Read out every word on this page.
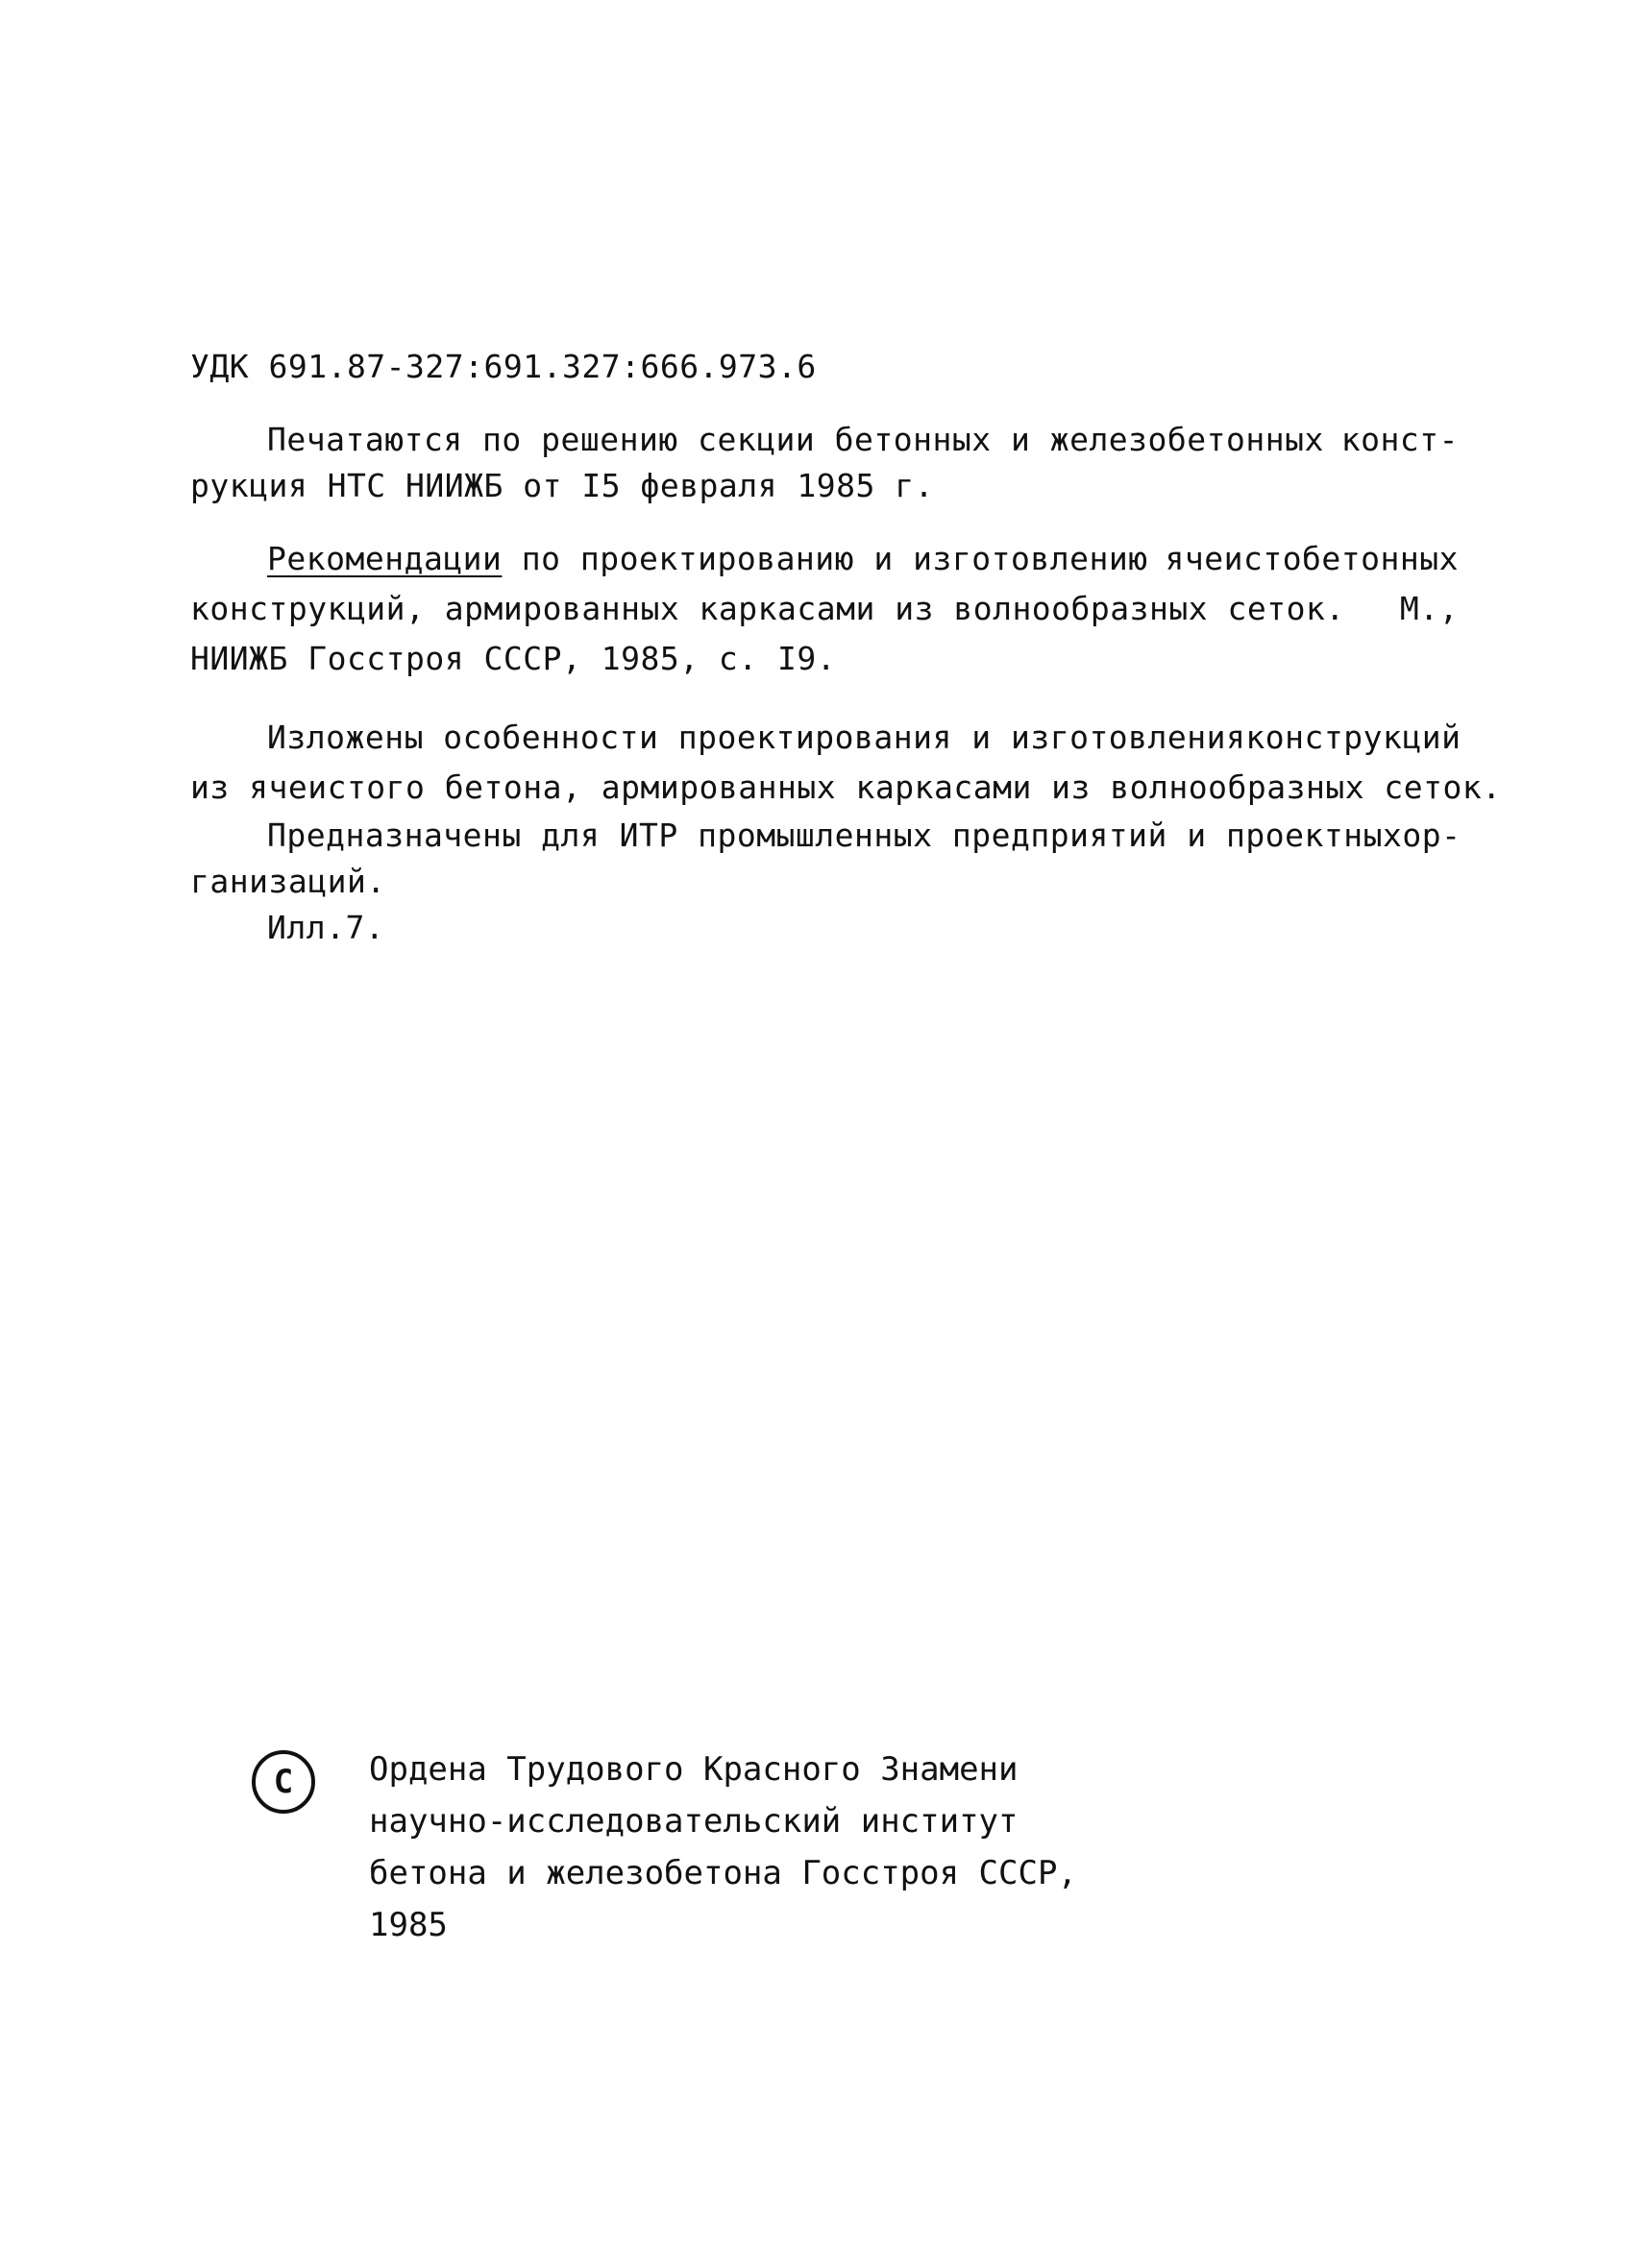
УДК 691.87-327:691.327:666.973.6
Печатаются по решению секции бетонных и железобетонных конст-
рукция НТС НИИЖБ от I5 февраля 1985 г.
Рекомендации по проектированию и изготовлению ячеистобетонных
конструкций, армированных каркасами из волнообразных сеток. М.,
НИИЖБ Госстроя СССР, 1985, с. I9.
Изложены особенности проектирования и изготовления конструкций
из ячеистого бетона, армированных каркасами из волнообразных сеток.
Предназначены для ИТР промышленных предприятий и проектных ор-
ганизаций.
Илл.7.
С	Ордена Трудового Красного Знамени
научно-исследовательский институт
бетона и железобетона Госстроя СССР,
1985
